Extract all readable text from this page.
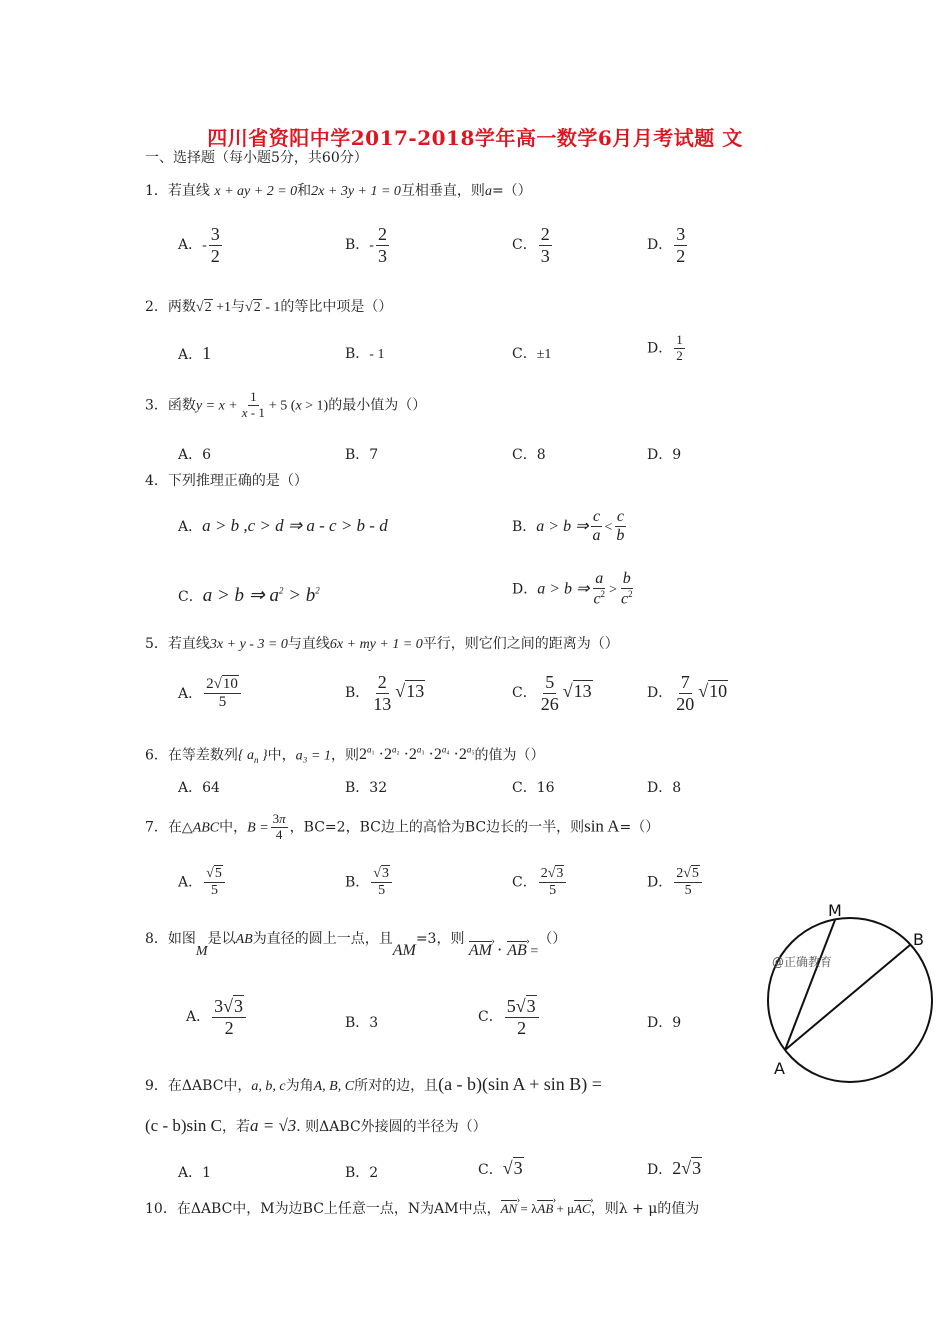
四川省资阳中学2017-2018学年高一数学6月月考试题 文
一、选择题（每小题5分，共60分）
1．若直线 x + ay + 2 = 0和2x + 3y + 1 = 0互相垂直，则a=（）
A．- $\frac{3}{2}$	B．- $\frac{2}{3}$	C． $\frac{2}{3}$	D． $\frac{3}{2}$
2．两数√2 +1与√2 - 1的等比中项是（）
A．1	B．- 1	C．±1	D． $\frac{1}{2}$
3．函数$y = x + \frac{1}{x - 1} + 5$ (x > 1)的最小值为（）
A．6	B．7	C．8	D．9
4．下列推理正确的是（）
A．a > b ,c > d ⇒ a - c > b - d	B．a > b ⇒ $\frac{c}{a} < \frac{c}{b}$
C．a > b ⇒ $a^2 > b^2$	D．a > b ⇒ $\frac{a}{c^2} > \frac{b}{c^2}$
5．若直线3x + y - 3 = 0与直线6x + my + 1 = 0平行，则它们之间的距离为（）
A． $\frac{2√10}{5}$	B． $\frac{2}{13} √13$	C． $\frac{5}{26} √13$	D． $\frac{7}{20} √10$
6．在等差数列{ $a_n$ }中，a₃ = 1，则$2^{a_1} \cdot 2^{a_2} \cdot 2^{a_3} \cdot 2^{a_4} \cdot 2^{a_5}$的值为（）
A．64	B．32	C．16	D．8
7．在△ABC中，$B = \frac{3\pi}{4}$ ，BC=2，BC边上的高恰为BC边长的一半，则sin A=（）
A． $\frac{√5}{5}$	B． $\frac{√3}{5}$	C． $\frac{2√3}{5}$	D． $\frac{2√5}{5}$
8．如图M是以AB为直径的圆上一点，且AM=3，则 AM › · AB › =（）
A． $\frac{3√3}{2}$	B．3	C． $\frac{5√3}{2}$	D．9
M
B
A
@正确教育
9．在ΔABC中，a, b, c为角A, B, C所对的边，且(a - b)(sin A + sin B) =
(c - b)sin C，若a = √3. 则ΔABC外接圆的半径为（）
A．1	B．2	C．√3	D．2√3
10．在ΔABC中，M为边BC上任意一点，N为AM中点，AN › = λAB › + μAC ›，则λ + μ的值为
